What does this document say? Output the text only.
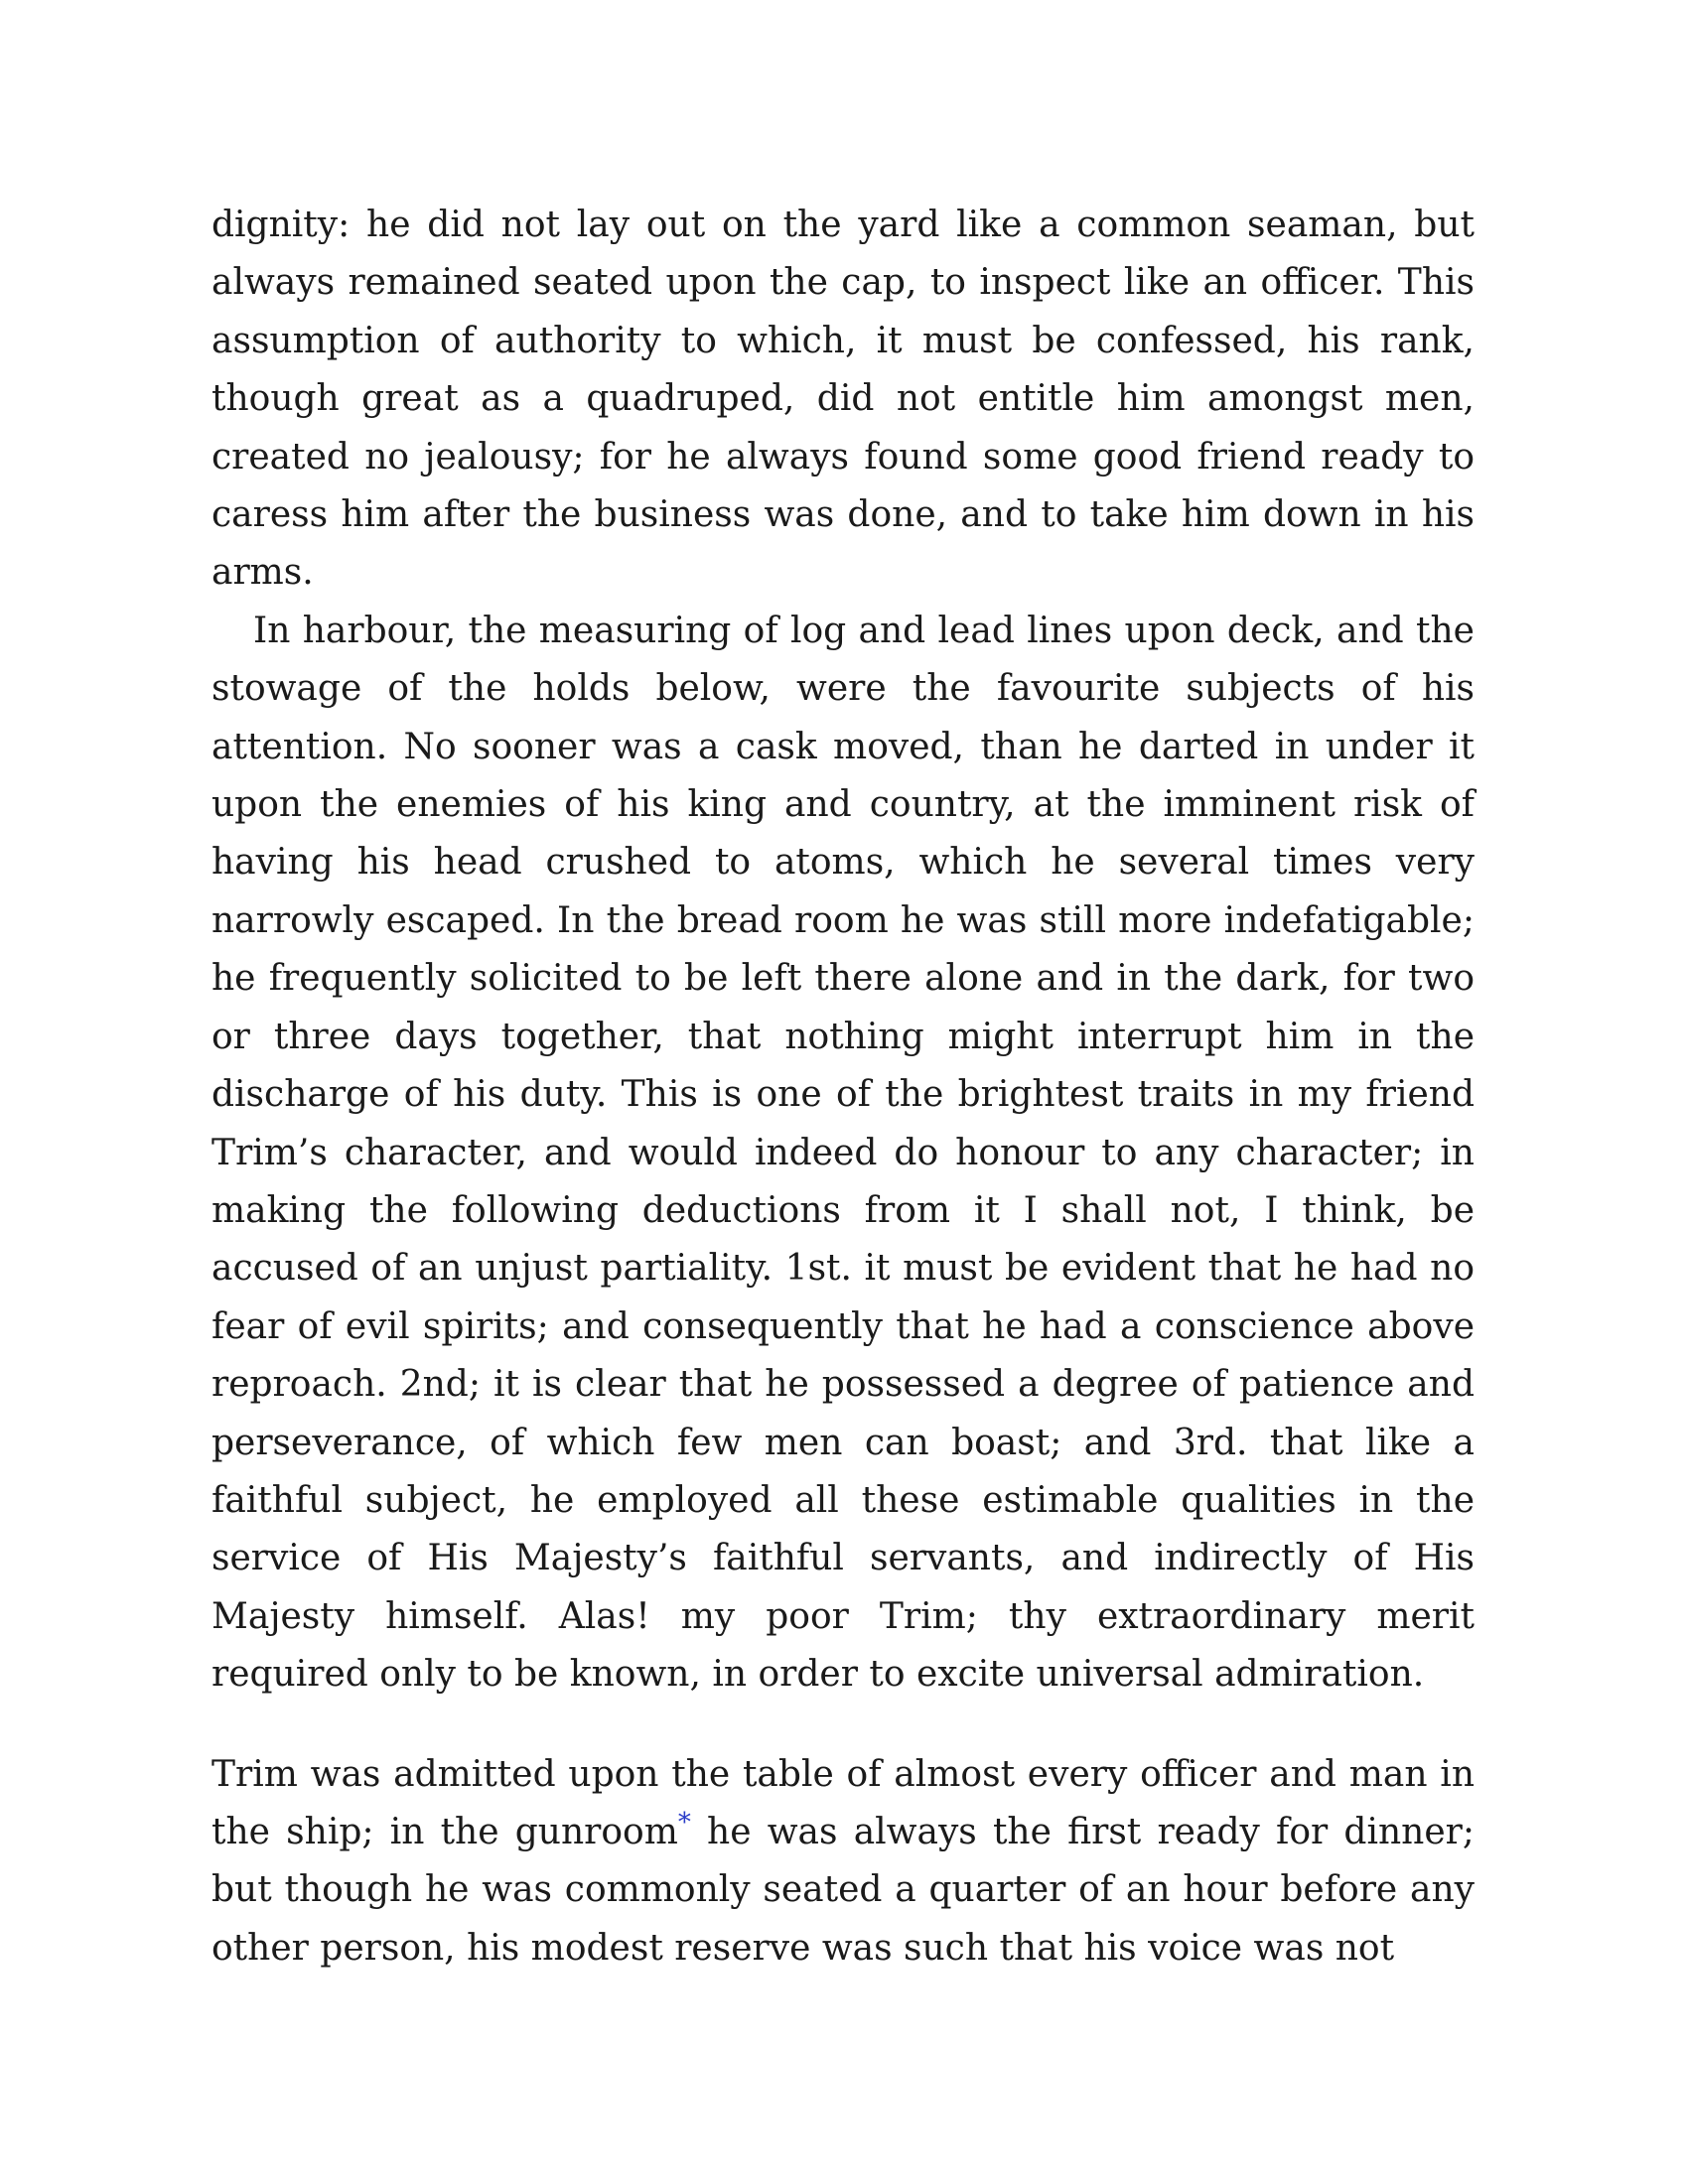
dignity: he did not lay out on the yard like a common seaman, but always remained seated upon the cap, to inspect like an officer. This assumption of authority to which, it must be confessed, his rank, though great as a quadruped, did not entitle him amongst men, created no jealousy; for he always found some good friend ready to caress him after the business was done, and to take him down in his arms.

In harbour, the measuring of log and lead lines upon deck, and the stowage of the holds below, were the favourite subjects of his attention. No sooner was a cask moved, than he darted in under it upon the enemies of his king and country, at the imminent risk of having his head crushed to atoms, which he several times very narrowly escaped. In the bread room he was still more indefatigable; he frequently solicited to be left there alone and in the dark, for two or three days together, that nothing might interrupt him in the discharge of his duty. This is one of the brightest traits in my friend Trim’s character, and would indeed do honour to any character; in making the following deductions from it I shall not, I think, be accused of an unjust partiality. 1st. it must be evident that he had no fear of evil spirits; and consequently that he had a conscience above reproach. 2nd; it is clear that he possessed a degree of patience and perseverance, of which few men can boast; and 3rd. that like a faithful subject, he employed all these estimable qualities in the service of His Majesty’s faithful servants, and indirectly of His Majesty himself. Alas! my poor Trim; thy extraordinary merit required only to be known, in order to excite universal admiration.

Trim was admitted upon the table of almost every officer and man in the ship; in the gunroom* he was always the first ready for dinner; but though he was commonly seated a quarter of an hour before any other person, his modest reserve was such that his voice was not
